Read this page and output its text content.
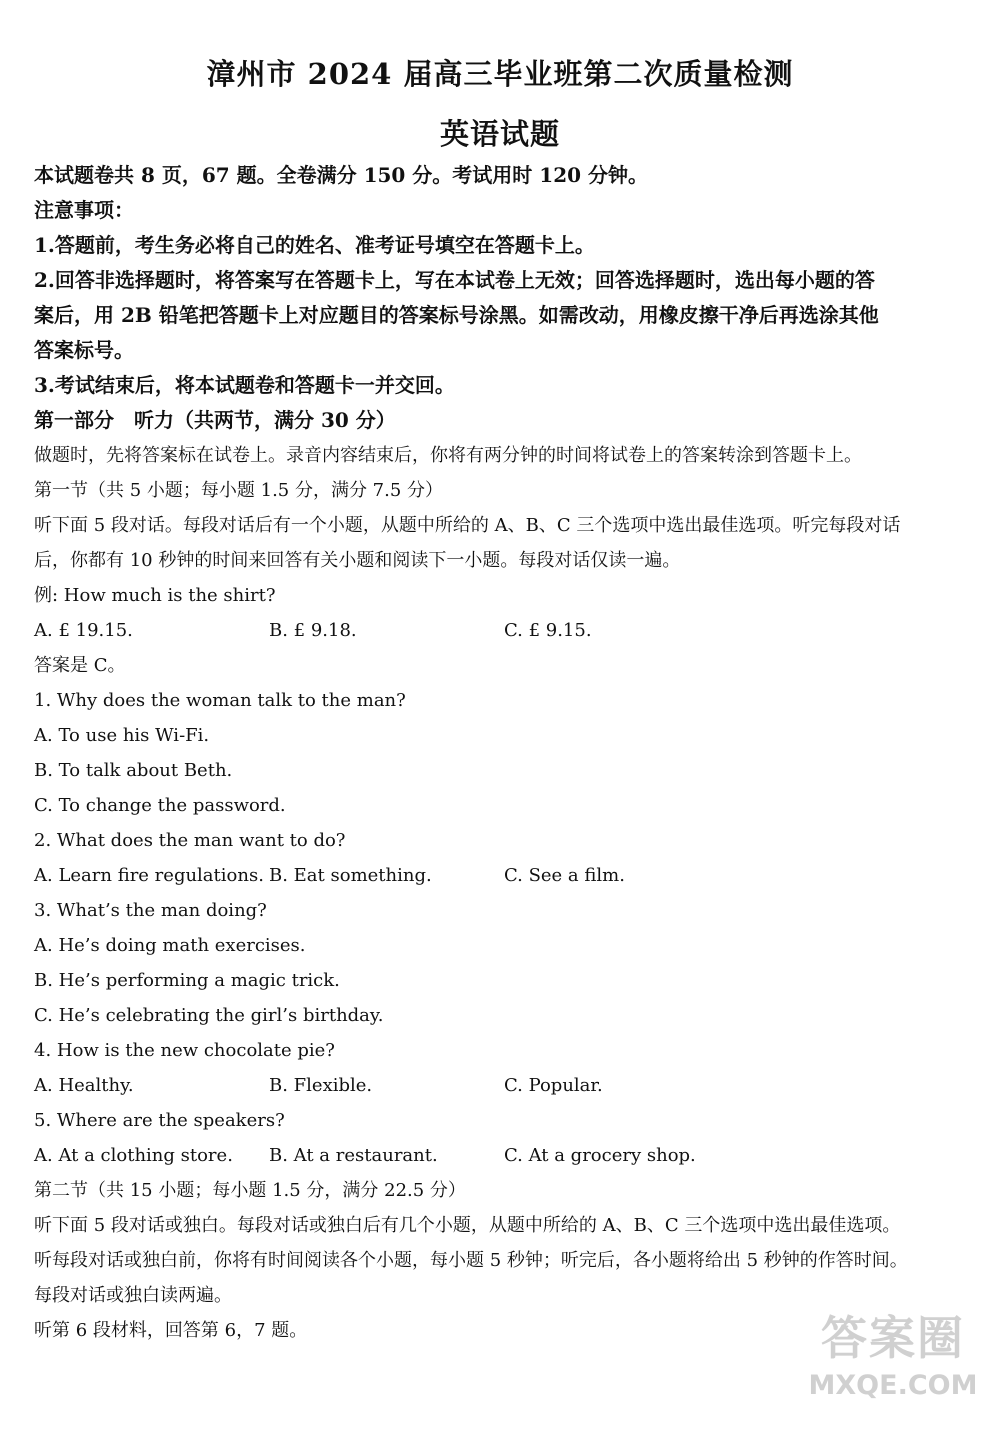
漳州市 2024 届高三毕业班第二次质量检测
英语试题
本试题卷共 8 页，67 题。全卷满分 150 分。考试用时 120 分钟。
注意事项：
1.答题前，考生务必将自己的姓名、准考证号填空在答题卡上。
2.回答非选择题时，将答案写在答题卡上，写在本试卷上无效；回答选择题时，选出每小题的答
案后，用 2B 铅笔把答题卡上对应题目的答案标号涂黑。如需改动，用橡皮擦干净后再选涂其他
答案标号。
3.考试结束后，将本试题卷和答题卡一并交回。
第一部分　听力（共两节，满分 30 分）
做题时，先将答案标在试卷上。录音内容结束后，你将有两分钟的时间将试卷上的答案转涂到答题卡上。
第一节（共 5 小题；每小题 1.5 分，满分 7.5 分）
听下面 5 段对话。每段对话后有一个小题，从题中所给的 A、B、C 三个选项中选出最佳选项。听完每段对话
后，你都有 10 秒钟的时间来回答有关小题和阅读下一小题。每段对话仅读一遍。
例: How much is the shirt?
A. £ 19.15.	B. £ 9.18.	C. £ 9.15.
答案是 C。
1. Why does the woman talk to the man?
A. To use his Wi-Fi.
B. To talk about Beth.
C. To change the password.
2. What does the man want to do?
A. Learn fire regulations. B. Eat something.	C. See a film.
3. What’s the man doing?
A. He’s doing math exercises.
B. He’s performing a magic trick.
C. He’s celebrating the girl’s birthday.
4. How is the new chocolate pie?
A. Healthy.	B. Flexible.	C. Popular.
5. Where are the speakers?
A. At a clothing store. B. At a restaurant.	C. At a grocery shop.
第二节（共 15 小题；每小题 1.5 分，满分 22.5 分）
听下面 5 段对话或独白。每段对话或独白后有几个小题，从题中所给的 A、B、C 三个选项中选出最佳选项。
听每段对话或独白前，你将有时间阅读各个小题，每小题 5 秒钟；听完后，各小题将给出 5 秒钟的作答时间。
每段对话或独白读两遍。
听第 6 段材料，回答第 6，7 题。	答案圈
MXQE.COM
